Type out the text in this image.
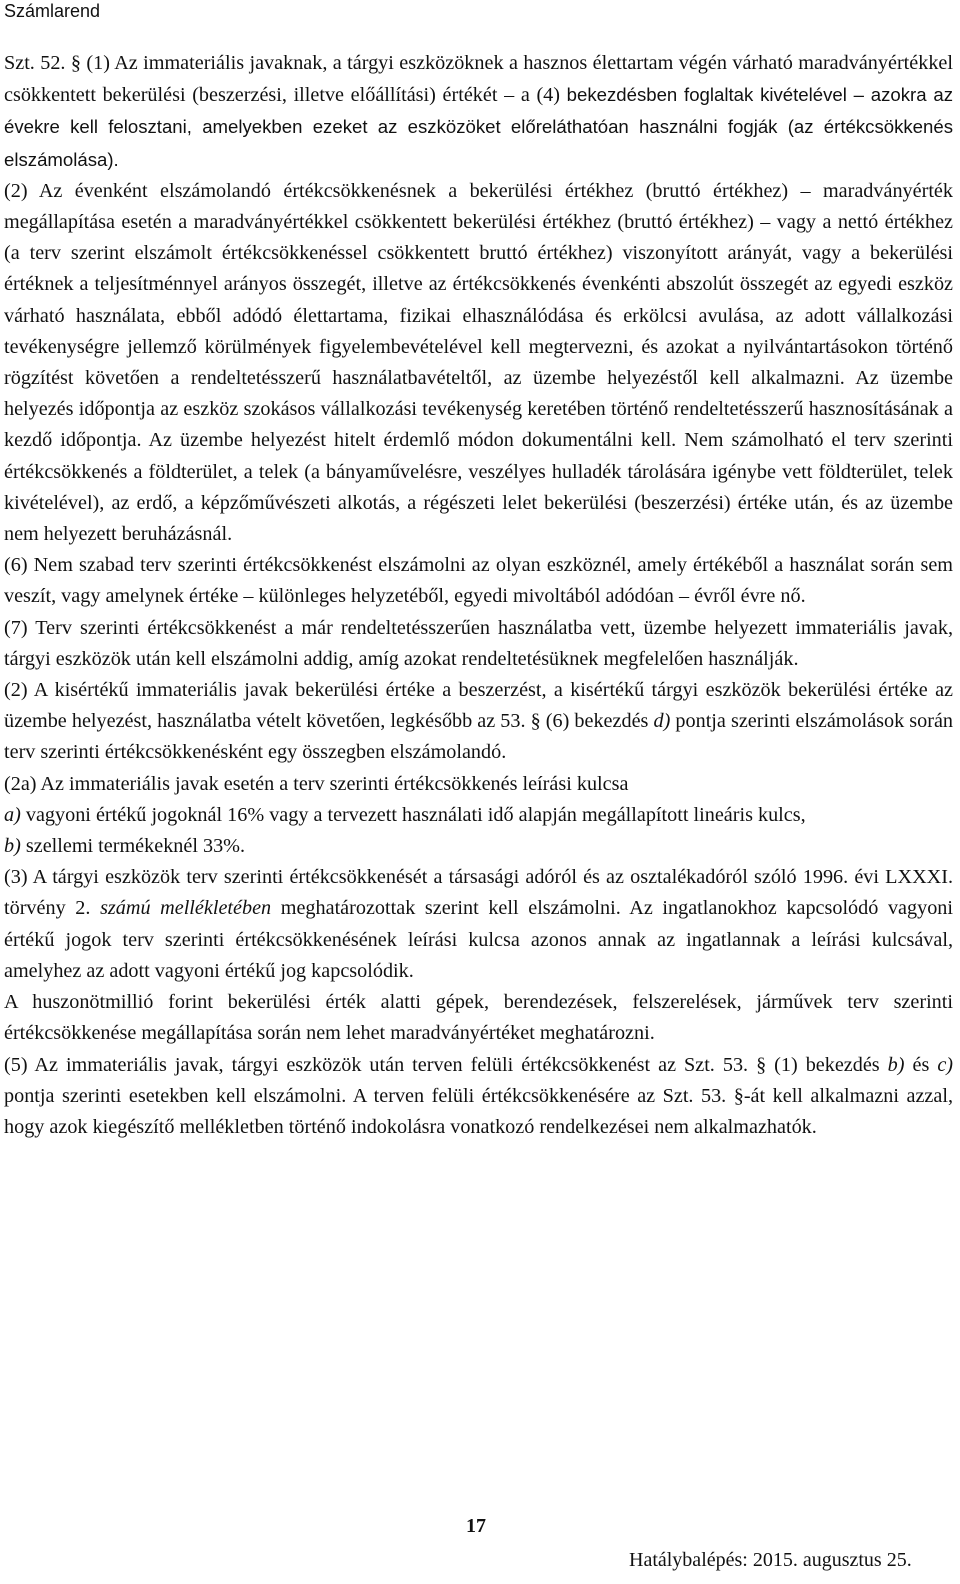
Számlarend

Szt. 52. § (1) Az immateriális javaknak, a tárgyi eszközöknek a hasznos élettartam végén várható maradványértékkel csökkentett bekerülési (beszerzési, illetve előállítási) értékét – a (4) bekezdésben foglaltak kivételével – azokra az évekre kell felosztani, amelyekben ezeket az eszközöket előreláthatóan használni fogják (az értékcsökkenés elszámolása).

(2) Az évenként elszámolandó értékcsökkenésnek a bekerülési értékhez (bruttó értékhez) – maradványérték megállapítása esetén a maradványértékkel csökkentett bekerülési értékhez (bruttó értékhez) – vagy a nettó értékhez (a terv szerint elszámolt értékcsökkenéssel csökkentett bruttó értékhez) viszonyított arányát, vagy a bekerülési értéknek a teljesítménnyel arányos összegét, illetve az értékcsökkenés évenkénti abszolút összegét az egyedi eszköz várható használata, ebből adódó élettartama, fizikai elhasználódása és erkölcsi avulása, az adott vállalkozási tevékenységre jellemző körülmények figyelembevételével kell megtervezni, és azokat a nyilvántartásokon történő rögzítést követően a rendeltetésszerű használatbavételtől, az üzembe helyezéstől kell alkalmazni. Az üzembe helyezés időpontja az eszköz szokásos vállalkozási tevékenység keretében történő rendeltetésszerű hasznosításának a kezdő időpontja. Az üzembe helyezést hitelt érdemlő módon dokumentálni kell. Nem számolható el terv szerinti értékcsökkenés a földterület, a telek (a bányaművelésre, veszélyes hulladék tárolására igénybe vett földterület, telek kivételével), az erdő, a képzőművészeti alkotás, a régészeti lelet bekerülési (beszerzési) értéke után, és az üzembe nem helyezett beruházásnál.

(6) Nem szabad terv szerinti értékcsökkenést elszámolni az olyan eszköznél, amely értékéből a használat során sem veszít, vagy amelynek értéke – különleges helyzetéből, egyedi mivoltából adódóan – évről évre nő.

(7) Terv szerinti értékcsökkenést a már rendeltetésszerűen használatba vett, üzembe helyezett immateriális javak, tárgyi eszközök után kell elszámolni addig, amíg azokat rendeltetésüknek megfelelően használják.

(2) A kisértékű immateriális javak bekerülési értéke a beszerzést, a kisértékű tárgyi eszközök bekerülési értéke az üzembe helyezést, használatba vételt követően, legkésőbb az 53. § (6) bekezdés d) pontja szerinti elszámolások során terv szerinti értékcsökkenésként egy összegben elszámolandó.

(2a) Az immateriális javak esetén a terv szerinti értékcsökkenés leírási kulcsa

a) vagyoni értékű jogoknál 16% vagy a tervezett használati idő alapján megállapított lineáris kulcs,

b) szellemi termékeknél 33%.

(3) A tárgyi eszközök terv szerinti értékcsökkenését a társasági adóról és az osztalékadóról szóló 1996. évi LXXXI. törvény 2. számú mellékletében meghatározottak szerint kell elszámolni. Az ingatlanokhoz kapcsolódó vagyoni értékű jogok terv szerinti értékcsökkenésének leírási kulcsa azonos annak az ingatlannak a leírási kulcsával, amelyhez az adott vagyoni értékű jog kapcsolódik.

A huszonötmillió forint bekerülési érték alatti gépek, berendezések, felszerelések, járművek terv szerinti értékcsökkenése megállapítása során nem lehet maradványértéket meghatározni.

(5) Az immateriális javak, tárgyi eszközök után terven felüli értékcsökkenést az Szt. 53. § (1) bekezdés b) és c) pontja szerinti esetekben kell elszámolni. A terven felüli értékcsökkenésére az Szt. 53. §-át kell alkalmazni azzal, hogy azok kiegészítő mellékletben történő indokolásra vonatkozó rendelkezései nem alkalmazhatók.

17
Hatálybalépés: 2015. augusztus 25.
